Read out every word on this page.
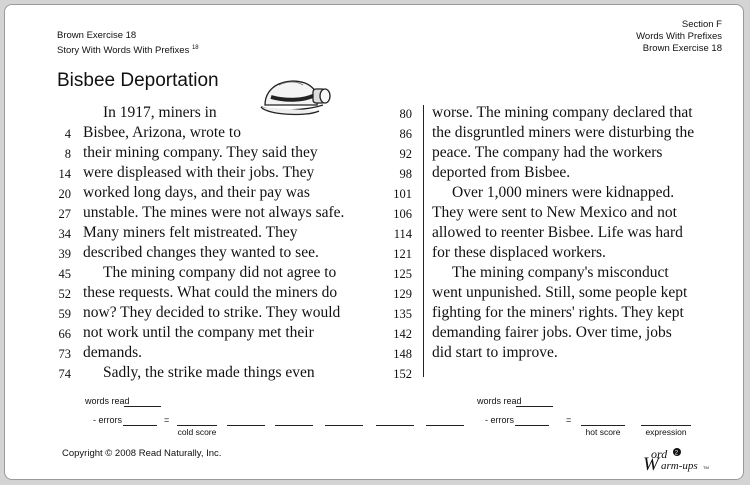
Brown Exercise 18
Story With Words With Prefixes $^{18}$
Section F
Words With Prefixes
Brown Exercise 18
Bisbee Deportation
In 1917, miners in
4 Bisbee, Arizona, wrote to
8 their mining company. They said they
14 were displeased with their jobs. They
20 worked long days, and their pay was
27 unstable. The mines were not always safe.
34 Many miners felt mistreated. They
39 described changes they wanted to see.
45 The mining company did not agree to
52 these requests. What could the miners do
59 now? They decided to strike. They would
66 not work until the company met their
73 demands.
74 Sadly, the strike made things even
80 worse. The mining company declared that
86 the disgruntled miners were disturbing the
92 peace. The company had the workers
98 deported from Bisbee.
101	Over 1,000 miners were kidnapped.
106 They were sent to New Mexico and not
114 allowed to reenter Bisbee. Life was hard
121 for these displaced workers.
125	The mining company's misconduct
129 went unpunished. Still, some people kept
135 fighting for the miners' rights. They kept
142 demanding fairer jobs. Over time, jobs
148 did start to improve.
152
words read
- errors	=
cold score
words read
- errors	=
hot score	expression
Copyright © 2008 Read Naturally, Inc.	ord
W arm-ups
2
TM
